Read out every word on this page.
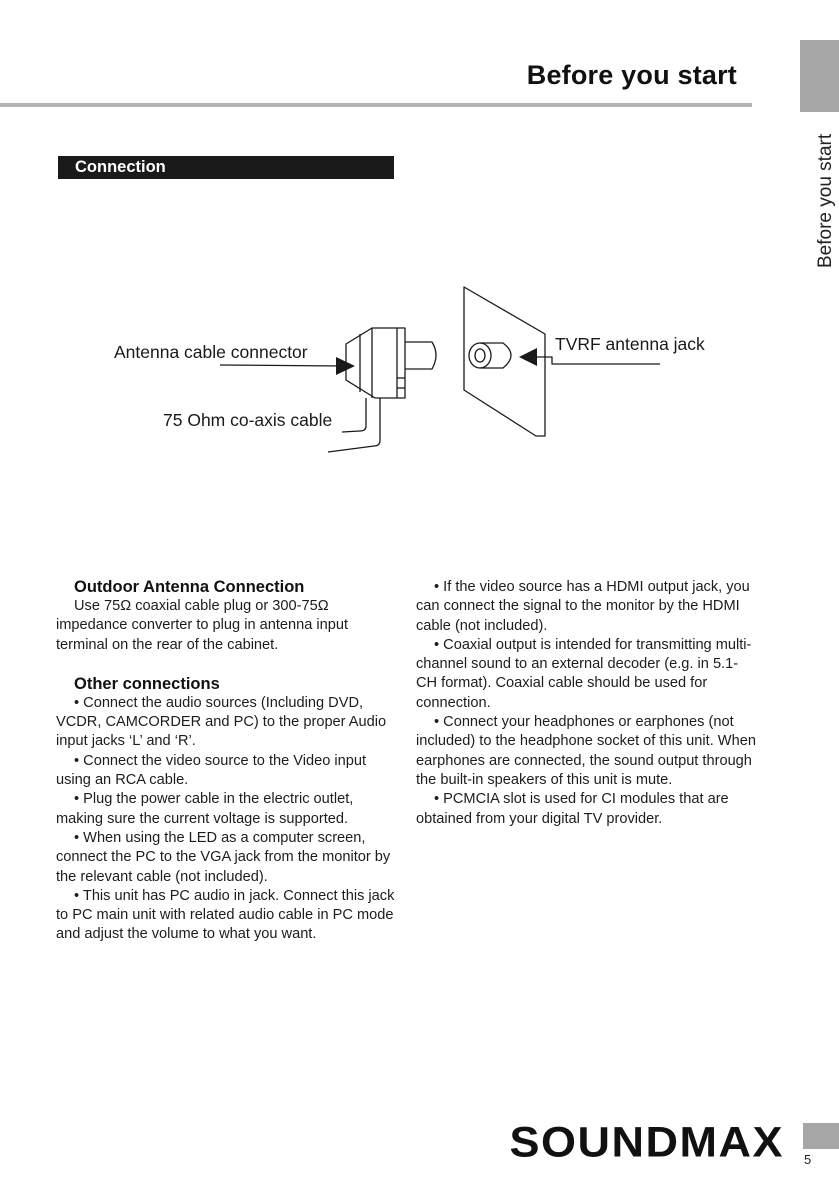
Before you start
Before you start
Connection
Antenna cable connector
75 Ohm co-axis cable
TVRF antenna jack
Outdoor Antenna Connection

Use 75Ω coaxial cable plug or 300-75Ω impedance converter to plug in antenna input terminal on the rear of the cabinet.

Other connections

• Connect the audio sources (Including DVD, VCDR, CAMCORDER and PC) to the proper Audio input jacks ‘L’ and ‘R’.

• Connect the video source to the Video input using an RCA cable.

• Plug the power cable in the electric outlet, making sure the current voltage is supported.

• When using the LED as a computer screen, connect the PC to the VGA jack from the monitor by the relevant cable (not included).

• This unit has PC audio in jack. Connect this jack to PC main unit with related audio cable in PC mode and adjust the volume to what you want.

• If the video source has a HDMI output jack, you can connect the signal to the monitor by the HDMI cable (not included).

• Coaxial output is intended for transmitting multi-channel sound to an external decoder (e.g. in 5.1-CH format). Coaxial cable should be used for connection.

• Connect your headphones or earphones (not included) to the headphone socket of this unit. When earphones are connected, the sound output through the built-in speakers of this unit is mute.

• PCMCIA slot is used for CI modules that are obtained from your digital TV provider.

SOUNDMAX 5
